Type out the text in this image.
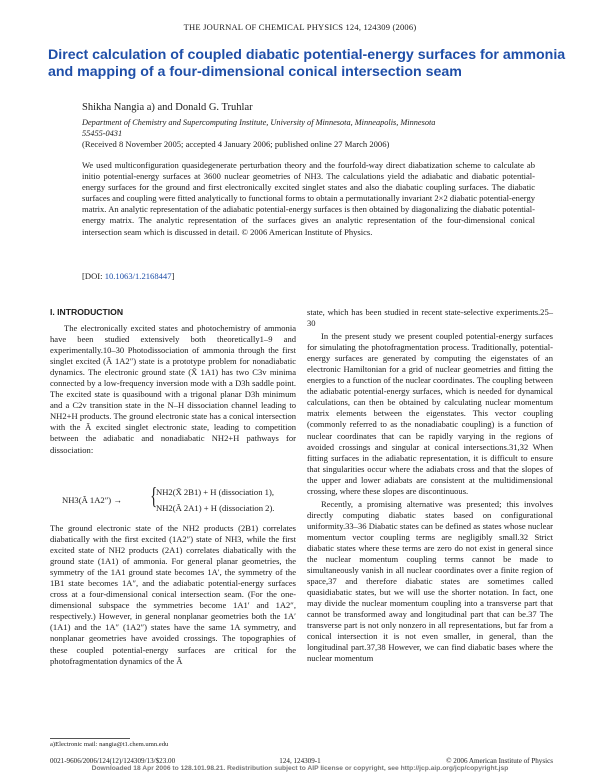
THE JOURNAL OF CHEMICAL PHYSICS 124, 124309 (2006)
Direct calculation of coupled diabatic potential-energy surfaces for ammonia and mapping of a four-dimensional conical intersection seam
Shikha Nangia a) and Donald G. Truhlar
Department of Chemistry and Supercomputing Institute, University of Minnesota, Minneapolis, Minnesota 55455-0431
(Received 8 November 2005; accepted 4 January 2006; published online 27 March 2006)
We used multiconfiguration quasidegenerate perturbation theory and the fourfold-way direct diabatization scheme to calculate ab initio potential-energy surfaces at 3600 nuclear geometries of NH3. The calculations yield the adiabatic and diabatic potential-energy surfaces for the ground and first electronically excited singlet states and also the diabatic coupling surfaces. The diabatic surfaces and coupling were fitted analytically to functional forms to obtain a permutationally invariant 2×2 diabatic potential-energy matrix. An analytic representation of the adiabatic potential-energy surfaces is then obtained by diagonalizing the diabatic potential-energy matrix. The analytic representation of the surfaces gives an analytic representation of the four-dimensional conical intersection seam which is discussed in detail. © 2006 American Institute of Physics.
[DOI: 10.1063/1.2168447]
I. INTRODUCTION

The electronically excited states and photochemistry of ammonia have been studied extensively both theoretically1–9 and experimentally.10–30 Photodissociation of ammonia through the first singlet excited (Ã 1A2″) state is a prototype problem for nonadiabatic dynamics. The electronic ground state (X̃ 1A1) has two C3v minima connected by a low-frequency inversion mode with a D3h saddle point. The excited state is quasibound with a trigonal planar D3h minimum and a C2v transition state in the N–H dissociation channel leading to NH2+H products. The ground electronic state has a conical intersection with the Ã excited singlet electronic state, leading to competition between the adiabatic and nonadiabatic NH2+H pathways for dissociation:

NH3(Ã 1A2″) → {
NH2(X̃ 2B1) + H (dissociation 1),
NH2(Ã 2A1) + H (dissociation 2).

The ground electronic state of the NH2 products (2B1) correlates diabatically with the first excited (1A2″) state of NH3, while the first excited state of NH2 products (2A1) correlates diabatically with the ground state (1A1) of ammonia. For general planar geometries, the symmetry of the 1A1 ground state becomes 1A′, the symmetry of the 1B1 state becomes 1A″, and the adiabatic potential-energy surfaces cross at a four-dimensional conical intersection seam. (For the one-dimensional subspace the symmetries become 1A1′ and 1A2″, respectively.) However, in general nonplanar geometries both the 1A′ (1A1) and the 1A″ (1A2″) states have the same 1A symmetry, and nonplanar geometries have avoided crossings. The topographies of these coupled potential-energy surfaces are critical for the photofragmentation dynamics of the Ã

state, which has been studied in recent state-selective experiments.25–30

In the present study we present coupled potential-energy surfaces for simulating the photofragmentation process. Traditionally, potential-energy surfaces are generated by computing the eigenstates of an electronic Hamiltonian for a grid of nuclear geometries and fitting the energies to a function of the nuclear coordinates. The coupling between the adiabatic potential-energy surfaces, which is needed for dynamical calculations, can then be obtained by calculating nuclear momentum matrix elements between the eigenstates. This vector coupling (commonly referred to as the nonadiabatic coupling) is a function of nuclear coordinates that can be rapidly varying in the regions of avoided crossings and singular at conical intersections.31,32 When fitting surfaces in the adiabatic representation, it is difficult to ensure that singularities occur where the adiabats cross and that the slopes of the upper and lower adiabats are consistent at the multidimensional crossing, where these slopes are discontinuous.

Recently, a promising alternative was presented; this involves directly computing diabatic states based on configurational uniformity.33–36 Diabatic states can be defined as states whose nuclear momentum vector coupling terms are negligibly small.32 Strict diabatic states where these terms are zero do not exist in general since the nuclear momentum coupling terms cannot be made to simultaneously vanish in all nuclear coordinates over a finite region of space,37 and therefore diabatic states are sometimes called quasidiabatic states, but we will use the shorter notation. In fact, one may divide the nuclear momentum coupling into a transverse part that cannot be transformed away and longitudinal part that can be.37 The transverse part is not only nonzero in all representations, but far from a conical intersection it is not even smaller, in general, than the longitudinal part.37,38 However, we can find diabatic bases where the nuclear momentum

a)Electronic mail: nangia@t1.chem.umn.edu
0021-9606/2006/124(12)/124309/13/$23.00	124, 124309-1	© 2006 American Institute of Physics
Downloaded 18 Apr 2006 to 128.101.98.21. Redistribution subject to AIP license or copyright, see http://jcp.aip.org/jcp/copyright.jsp
